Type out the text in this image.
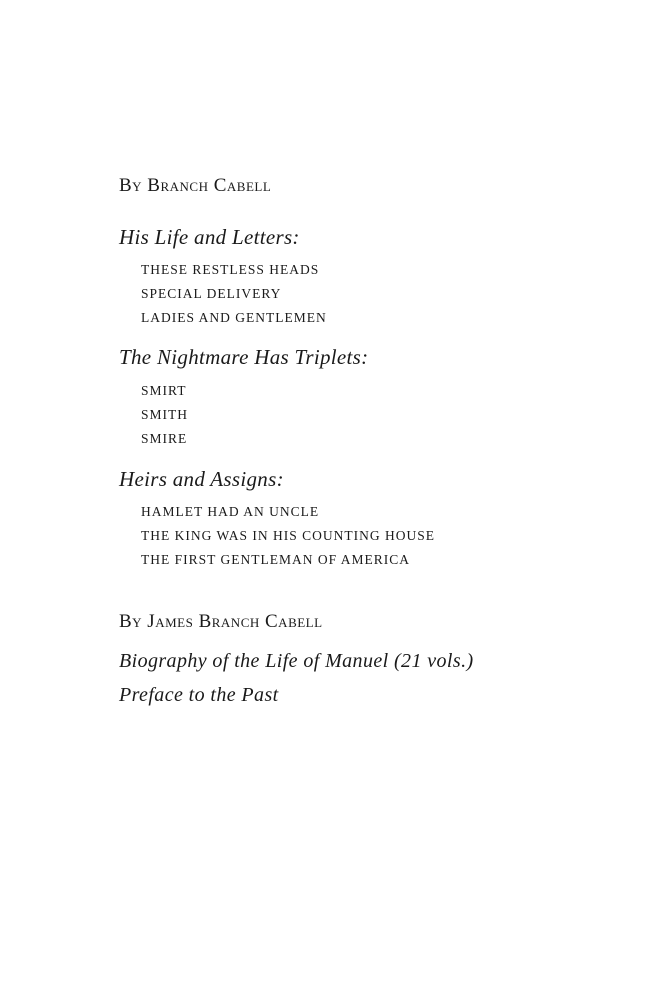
By Branch Cabell
His Life and Letters:
THESE RESTLESS HEADS
SPECIAL DELIVERY
LADIES AND GENTLEMEN
The Nightmare Has Triplets:
SMIRT
SMITH
SMIRE
Heirs and Assigns:
HAMLET HAD AN UNCLE
THE KING WAS IN HIS COUNTING HOUSE
THE FIRST GENTLEMAN OF AMERICA
By James Branch Cabell
Biography of the Life of Manuel (21 vols.)
Preface to the Past
